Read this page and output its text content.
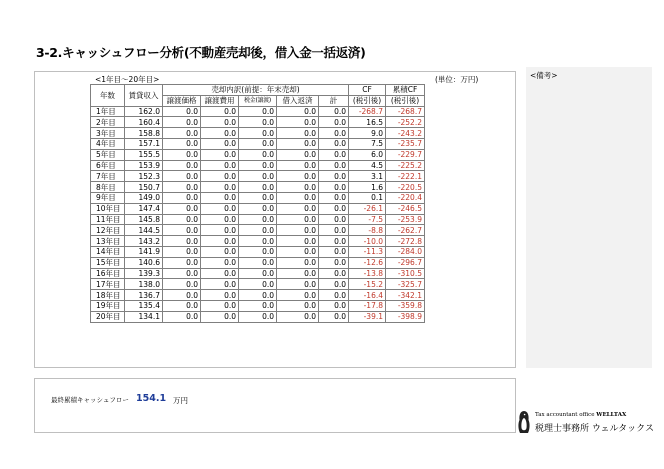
3-2.キャッシュフロー分析(不動産売却後，借入金一括返済)
<1年目～20年目>	(単位：万円)
年数	賃貸収入	売却内訳(前提：年末売却)					CF	累積CF
		譲渡価格	譲渡費用	税金(譲渡)	借入返済	計	(税引後)	(税引後)
1年目	162.0	0.0	0.0	0.0	0.0	0.0	-268.7	-268.7
2年目	160.4	0.0	0.0	0.0	0.0	0.0	16.5	-252.2
3年目	158.8	0.0	0.0	0.0	0.0	0.0	9.0	-243.2
4年目	157.1	0.0	0.0	0.0	0.0	0.0	7.5	-235.7
5年目	155.5	0.0	0.0	0.0	0.0	0.0	6.0	-229.7
6年目	153.9	0.0	0.0	0.0	0.0	0.0	4.5	-225.2
7年目	152.3	0.0	0.0	0.0	0.0	0.0	3.1	-222.1
8年目	150.7	0.0	0.0	0.0	0.0	0.0	1.6	-220.5
9年目	149.0	0.0	0.0	0.0	0.0	0.0	0.1	-220.4
10年目	147.4	0.0	0.0	0.0	0.0	0.0	-26.1	-246.5
11年目	145.8	0.0	0.0	0.0	0.0	0.0	-7.5	-253.9
12年目	144.5	0.0	0.0	0.0	0.0	0.0	-8.8	-262.7
13年目	143.2	0.0	0.0	0.0	0.0	0.0	-10.0	-272.8
14年目	141.9	0.0	0.0	0.0	0.0	0.0	-11.3	-284.0
15年目	140.6	0.0	0.0	0.0	0.0	0.0	-12.6	-296.7
16年目	139.3	0.0	0.0	0.0	0.0	0.0	-13.8	-310.5
17年目	138.0	0.0	0.0	0.0	0.0	0.0	-15.2	-325.7
18年目	136.7	0.0	0.0	0.0	0.0	0.0	-16.4	-342.1
19年目	135.4	0.0	0.0	0.0	0.0	0.0	-17.8	-359.8
20年目	134.1	0.0	0.0	0.0	0.0	0.0	-39.1	-398.9
<備考>
最終累積キャッシュフロー 154.1 万円
Tax accountant office WELLTAX
税理士事務所 ウェルタックス
